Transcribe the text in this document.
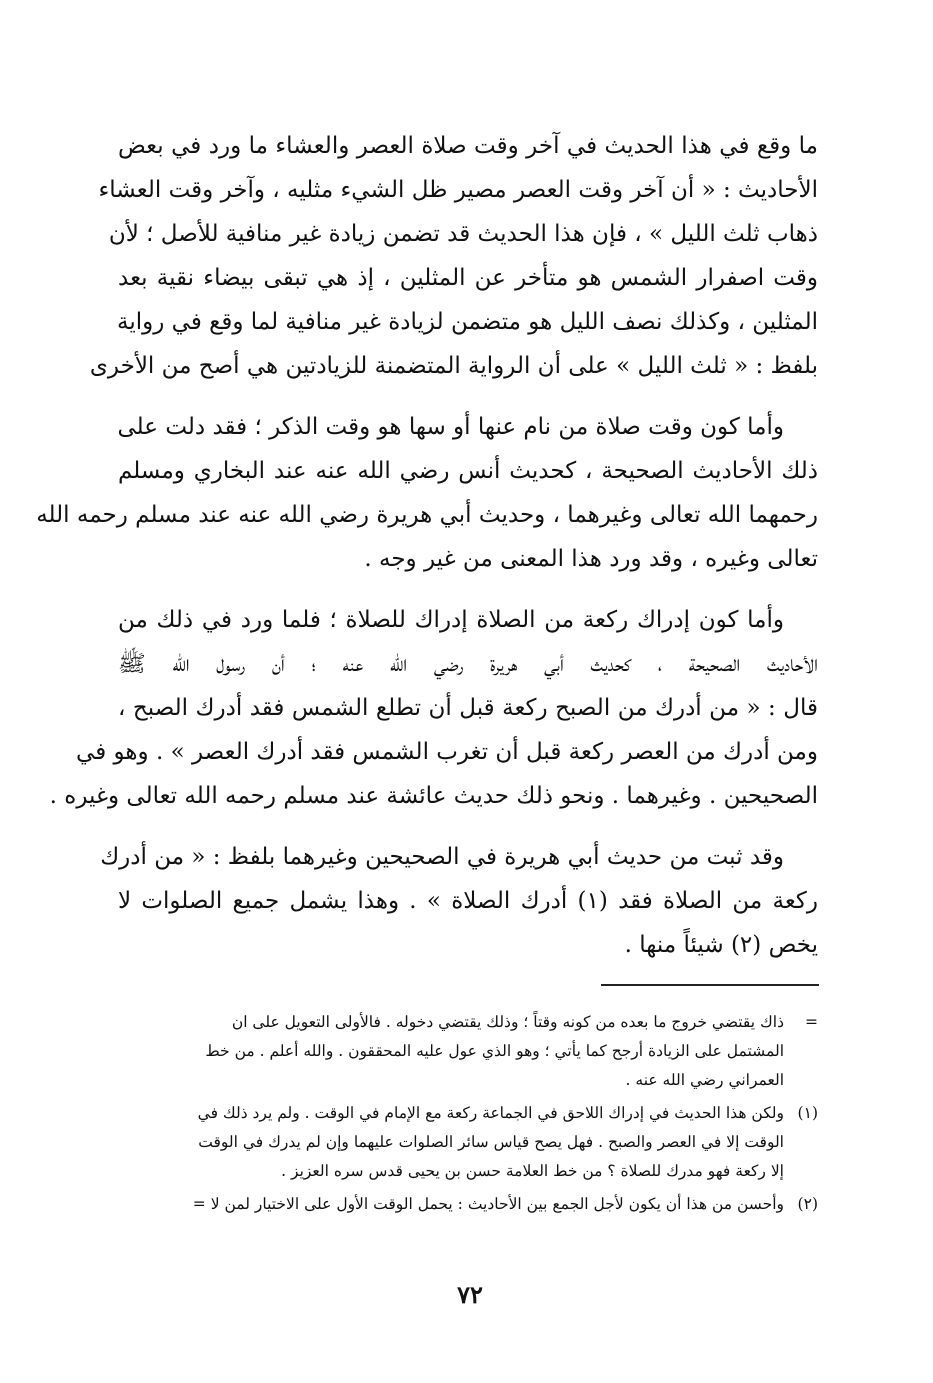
ما وقع في هذا الحديث في آخر وقت صلاة العصر والعشاء ما ورد في بعض
الأحاديث : « أن آخر وقت العصر مصير ظل الشيء مثليه ، وآخر وقت العشاء
ذهاب ثلث الليل » ، فإن هذا الحديث قد تضمن زيادة غير منافية للأصل ؛ لأن
وقت اصفرار الشمس هو متأخر عن المثلين ، إذ هي تبقى بيضاء نقية بعد
المثلين ، وكذلك نصف الليل هو متضمن لزيادة غير منافية لما وقع في رواية
بلفظ : « ثلث الليل » على أن الرواية المتضمنة للزيادتين هي أصح من الأخرى

وأما كون وقت صلاة من نام عنها أو سها هو وقت الذكر ؛ فقد دلت على
ذلك الأحاديث الصحيحة ، كحديث أنس رضي الله عنه عند البخاري ومسلم
رحمهما الله تعالى وغيرهما ، وحديث أبي هريرة رضي الله عنه عند مسلم رحمه الله
تعالى وغيره ، وقد ورد هذا المعنى من غير وجه .

وأما كون إدراك ركعة من الصلاة إدراك للصلاة ؛ فلما ورد في ذلك من
الأحاديث الصحيحة ، كحديث أبي هريرة رضي الله عنه ؛ أن رسول الله ﷺ
قال : « من أدرك من الصبح ركعة قبل أن تطلع الشمس فقد أدرك الصبح ،
ومن أدرك من العصر ركعة قبل أن تغرب الشمس فقد أدرك العصر » . وهو في
الصحيحين . وغيرهما . ونحو ذلك حديث عائشة عند مسلم رحمه الله تعالى وغيره .

وقد ثبت من حديث أبي هريرة في الصحيحين وغيرهما بلفظ : « من أدرك
ركعة من الصلاة فقد (١) أدرك الصلاة » . وهذا يشمل جميع الصلوات لا
يخص (٢) شيئاً منها .

=
ذاك يقتضي خروج ما بعده من كونه وقتاً ؛ وذلك يقتضي دخوله . فالأولى التعويل على ان
المشتمل على الزيادة أرجح كما يأتي ؛ وهو الذي عول عليه المحققون . والله أعلم . من خط
العمراني رضي الله عنه .
(١)
ولكن هذا الحديث في إدراك اللاحق في الجماعة ركعة مع الإمام في الوقت . ولم يرد ذلك في
الوقت إلا في العصر والصبح . فهل يصح قياس سائر الصلوات عليهما وإن لم يدرك في الوقت
إلا ركعة فهو مدرك للصلاة ؟ من خط العلامة حسن بن يحيى قدس سره العزيز .
(٢)
وأحسن من هذا أن يكون لأجل الجمع بين الأحاديث : يحمل الوقت الأول على الاختيار لمن لا =
٧٢
